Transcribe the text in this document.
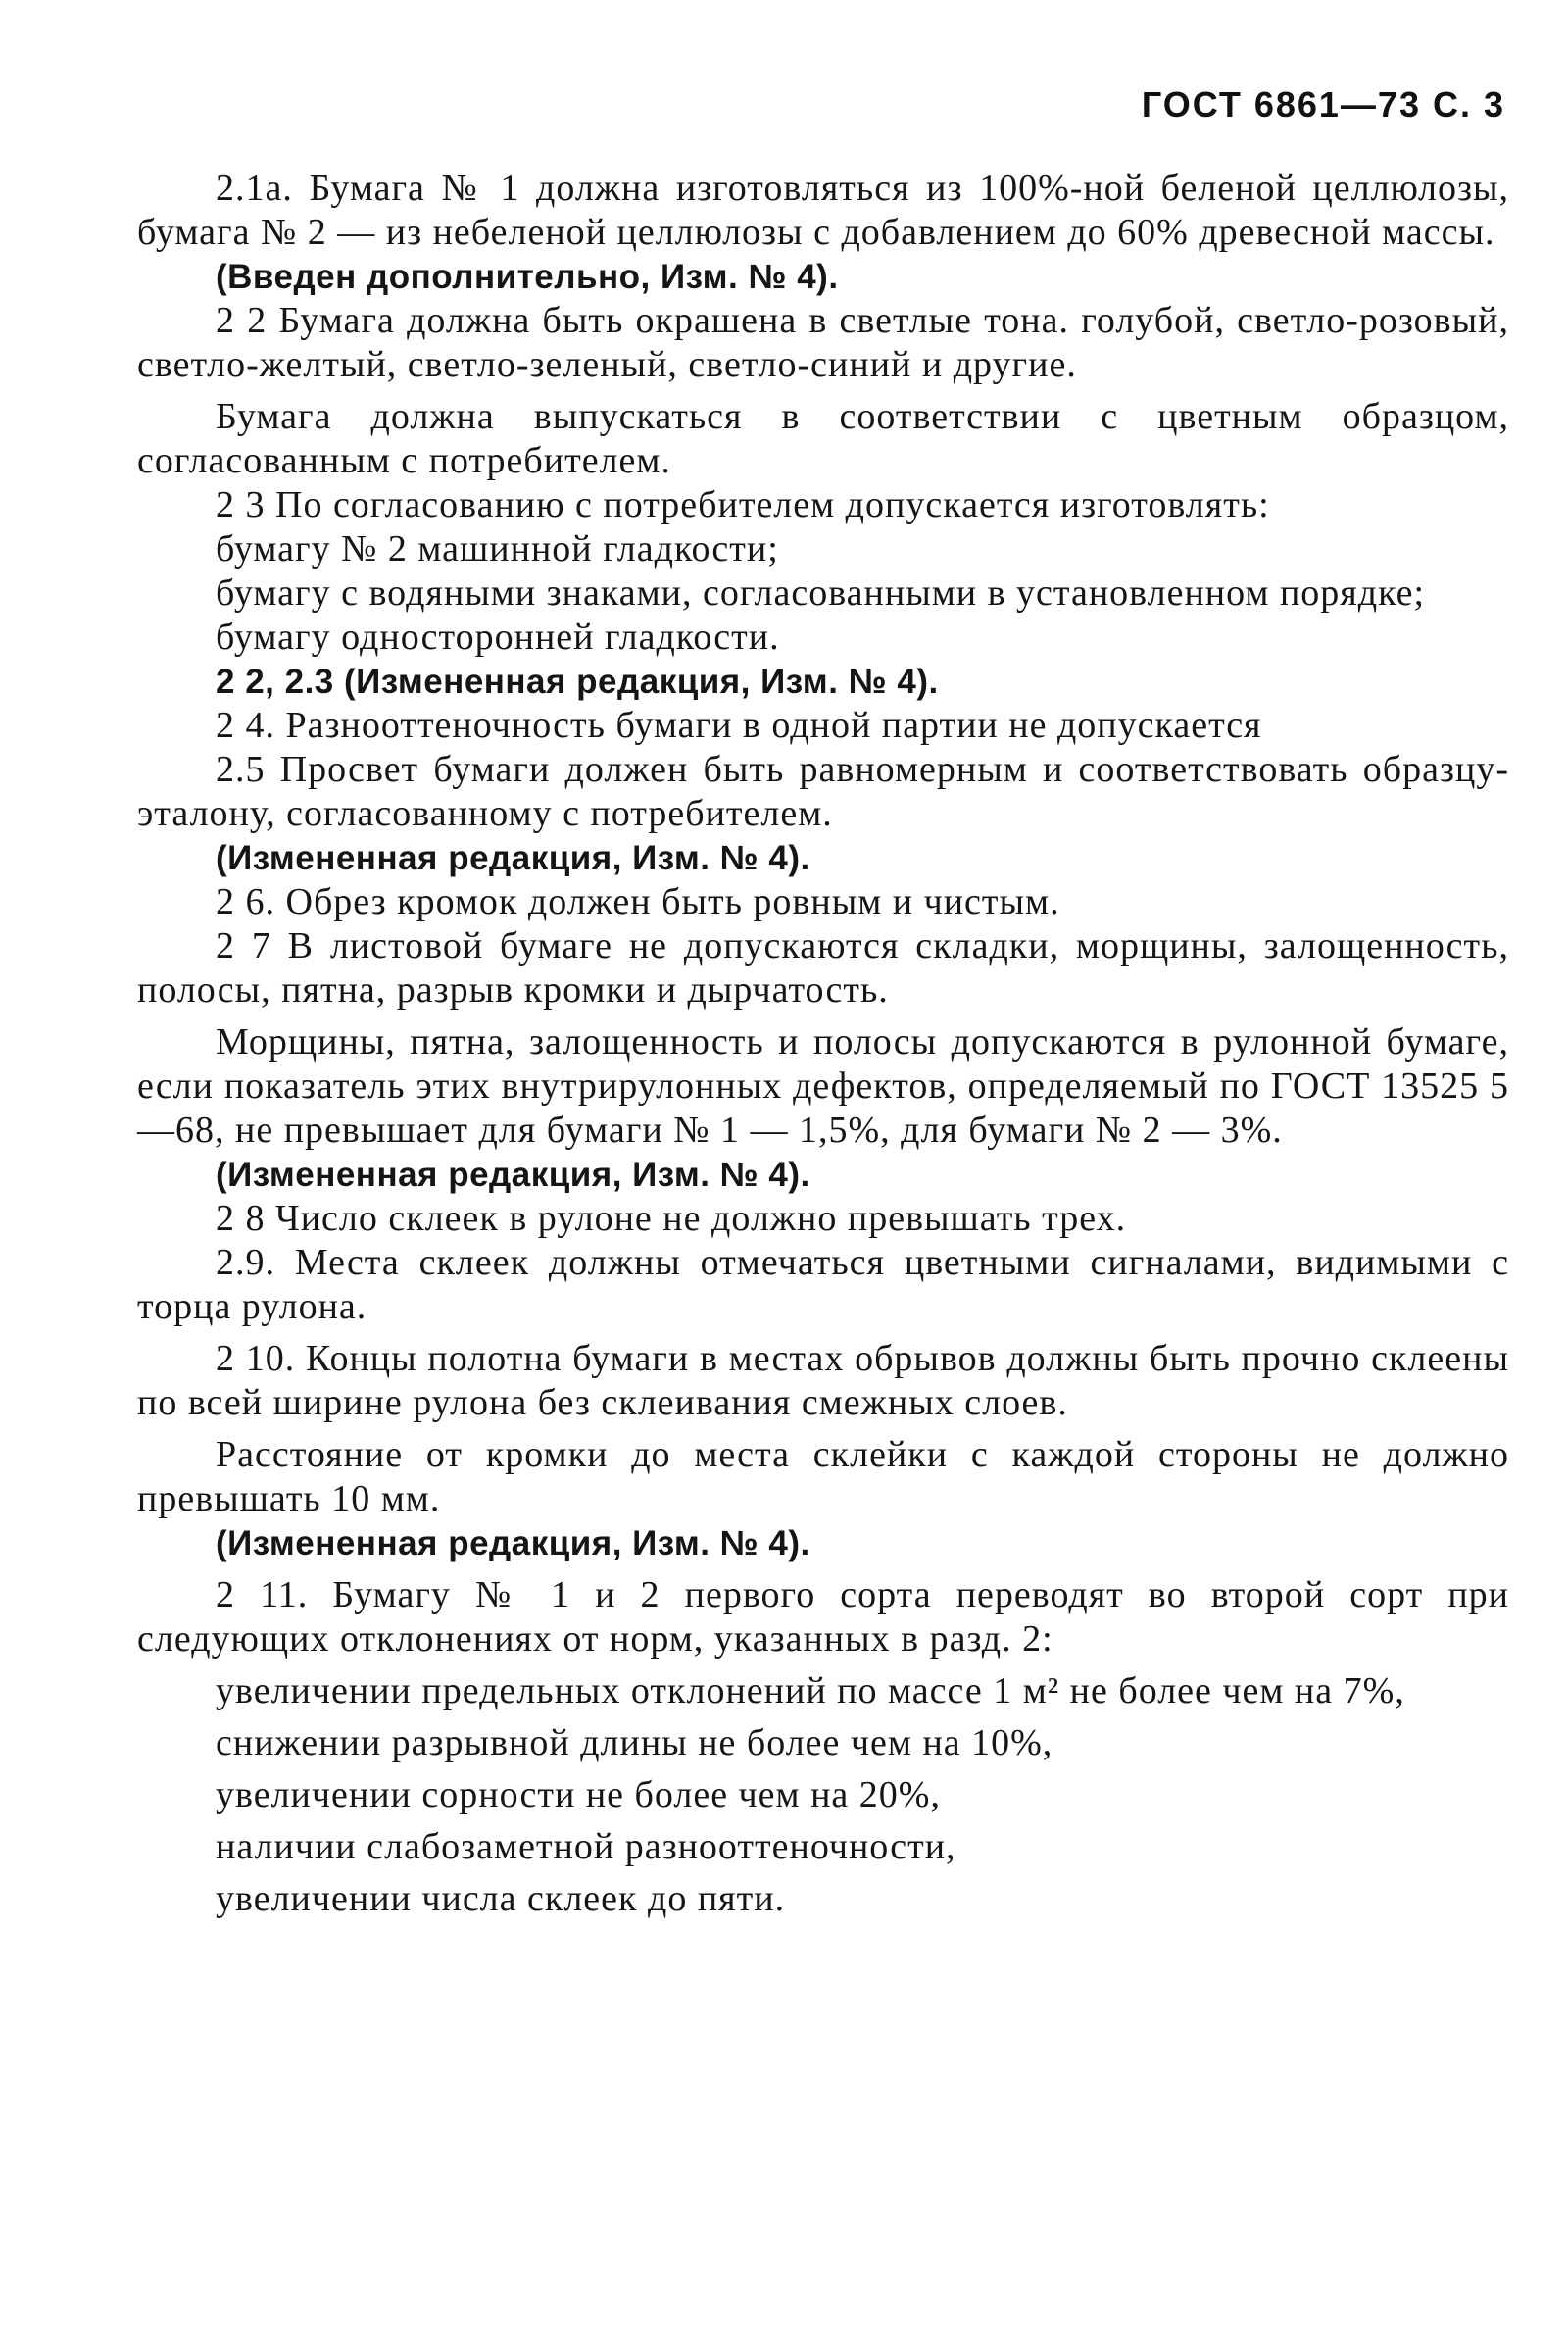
ГОСТ 6861—73 С. 3

2.1а. Бумага № 1 должна изготовляться из 100%-ной беленой целлюлозы, бумага № 2 — из небеленой целлюлозы с добавлением до 60% древесной массы.

(Введен дополнительно, Изм. № 4).

2 2 Бумага должна быть окрашена в светлые тона. голубой, светло-розовый, светло-желтый, светло-зеленый, светло-синий и другие.

Бумага должна выпускаться в соответствии с цветным образцом, согласованным с потребителем.

2 3 По согласованию с потребителем допускается изготовлять:

бумагу № 2 машинной гладкости;

бумагу с водяными знаками, согласованными в установленном порядке;

бумагу односторонней гладкости.

2 2, 2.3 (Измененная редакция, Изм. № 4).

2 4. Разнооттеночность бумаги в одной партии не допускается

2.5 Просвет бумаги должен быть равномерным и соответствовать образцу-эталону, согласованному с потребителем.

(Измененная редакция, Изм. № 4).

2 6. Обрез кромок должен быть ровным и чистым.

2 7 В листовой бумаге не допускаются складки, морщины, залощенность, полосы, пятна, разрыв кромки и дырчатость.

Морщины, пятна, залощенность и полосы допускаются в рулонной бумаге, если показатель этих внутрирулонных дефектов, определяемый по ГОСТ 13525 5—68, не превышает для бумаги № 1 — 1,5%, для бумаги № 2 — 3%.

(Измененная редакция, Изм. № 4).

2 8 Число склеек в рулоне не должно превышать трех.

2.9. Места склеек должны отмечаться цветными сигналами, видимыми с торца рулона.

2 10. Концы полотна бумаги в местах обрывов должны быть прочно склеены по всей ширине рулона без склеивания смежных слоев.

Расстояние от кромки до места склейки с каждой стороны не должно превышать 10 мм.

(Измененная редакция, Изм. № 4).

2 11. Бумагу № 1 и 2 первого сорта переводят во второй сорт при следующих отклонениях от норм, указанных в разд. 2:

увеличении предельных отклонений по массе 1 м² не более чем на 7%,

снижении разрывной длины не более чем на 10%,

увеличении сорности не более чем на 20%,

наличии слабозаметной разнооттеночности,

увеличении числа склеек до пяти.
